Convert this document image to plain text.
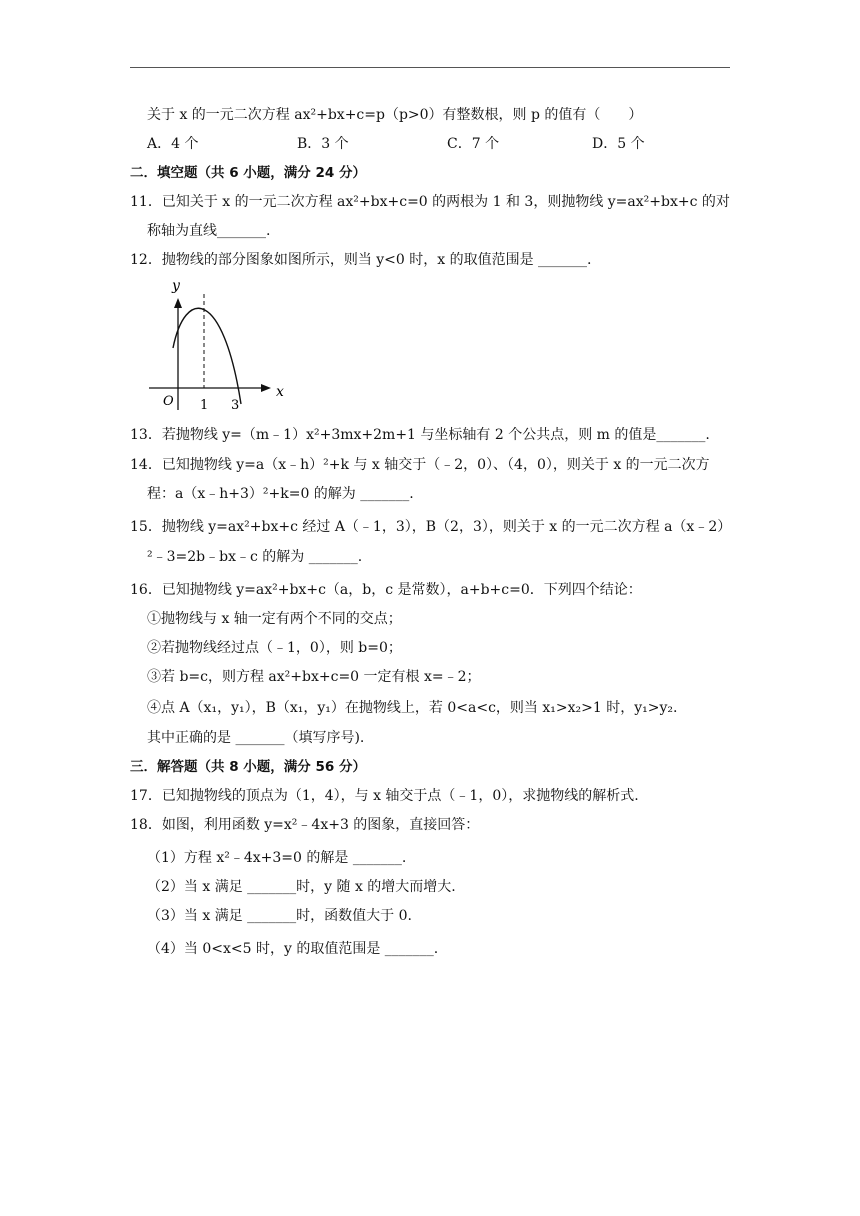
关于 x 的一元二次方程 ax²+bx+c=p（p>0）有整数根，则 p 的值有（　　）
A．4 个	B．3 个	C．7 个	D．5 个
二．填空题（共 6 小题，满分 24 分）
11．已知关于 x 的一元二次方程 ax²+bx+c=0 的两根为 1 和 3，则抛物线 y=ax²+bx+c 的对
称轴为直线_______.
12．抛物线的部分图象如图所示，则当 y<0 时，x 的取值范围是 _______.
y
x
O 1 3
13．若抛物线 y=（m﹣1）x²+3mx+2m+1 与坐标轴有 2 个公共点，则 m 的值是_______.
14．已知抛物线 y=a（x﹣h）²+k 与 x 轴交于（﹣2，0）、（4，0），则关于 x 的一元二次方
程：a（x﹣h+3）²+k=0 的解为 _______.
15．抛物线 y=ax²+bx+c 经过 A（﹣1，3），B（2，3），则关于 x 的一元二次方程 a（x﹣2）
²﹣3=2b﹣bx﹣c 的解为 _______.
16．已知抛物线 y=ax²+bx+c（a，b，c 是常数），a+b+c=0．下列四个结论：
①抛物线与 x 轴一定有两个不同的交点；
②若抛物线经过点（﹣1，0），则 b=0；
③若 b=c，则方程 ax²+bx+c=0 一定有根 x=﹣2；
④点 A（x₁，y₁），B（x₁，y₁）在抛物线上，若 0<a<c，则当 x₁>x₂>1 时，y₁>y₂.
其中正确的是 _______（填写序号).
三．解答题（共 8 小题，满分 56 分）
17．已知抛物线的顶点为（1，4），与 x 轴交于点（﹣1，0），求抛物线的解析式.
18．如图，利用函数 y=x²﹣4x+3 的图象，直接回答：
（1）方程 x²﹣4x+3=0 的解是 _______.
（2）当 x 满足 _______时，y 随 x 的增大而增大.
（3）当 x 满足 _______时，函数值大于 0.
（4）当 0<x<5 时，y 的取值范围是 _______.
